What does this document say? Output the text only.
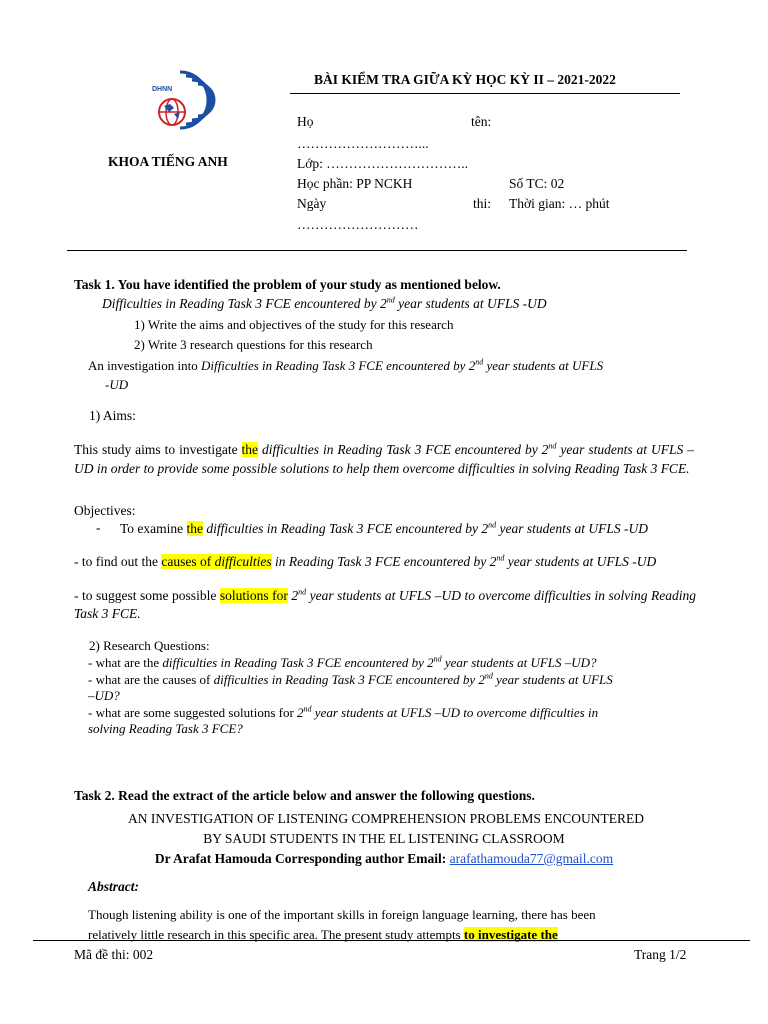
DHNN
KHOA TIẾNG ANH
BÀI KIỂM TRA GIỮA KỲ HỌC KỲ II – 2021-2022
Họ	tên:
………………………...
Lớp: …………………………..
Học phần: PP NCKH	Số TC: 02
Ngày	thi: Thời gian: … phút
………………………
Task 1. You have identified the problem of your study as mentioned below.
Difficulties in Reading Task 3 FCE encountered by 2nd year students at UFLS -UD
1) Write the aims and objectives of the study for this research
2) Write 3 research questions for this research
An investigation into Difficulties in Reading Task 3 FCE encountered by 2nd year students at UFLS
-UD
1) Aims:
This study aims to investigate the difficulties in Reading Task 3 FCE encountered by 2nd year students at UFLS –UD in order to provide some possible solutions to help them overcome difficulties in solving Reading Task 3 FCE.
Objectives:
- To examine the difficulties in Reading Task 3 FCE encountered by 2nd year students at UFLS -UD
- to find out the causes of difficulties in Reading Task 3 FCE encountered by 2nd year students at UFLS -UD
- to suggest some possible solutions for 2nd year students at UFLS –UD to overcome difficulties in solving Reading Task 3 FCE.
2) Research Questions:
- what are the difficulties in Reading Task 3 FCE encountered by 2nd year students at UFLS –UD?
- what are the causes of difficulties in Reading Task 3 FCE encountered by 2nd year students at UFLS
–UD?
- what are some suggested solutions for 2nd year students at UFLS –UD to overcome difficulties in
solving Reading Task 3 FCE?
Task 2. Read the extract of the article below and answer the following questions.
AN INVESTIGATION OF LISTENING COMPREHENSION PROBLEMS ENCOUNTERED
BY SAUDI STUDENTS IN THE EL LISTENING CLASSROOM
Dr Arafat Hamouda Corresponding author Email: arafathamouda77@gmail.com
Abstract:
Though listening ability is one of the important skills in foreign language learning, there has been
relatively little research in this specific area. The present study attempts to investigate the
Mã đề thi: 002	Trang 1/2
